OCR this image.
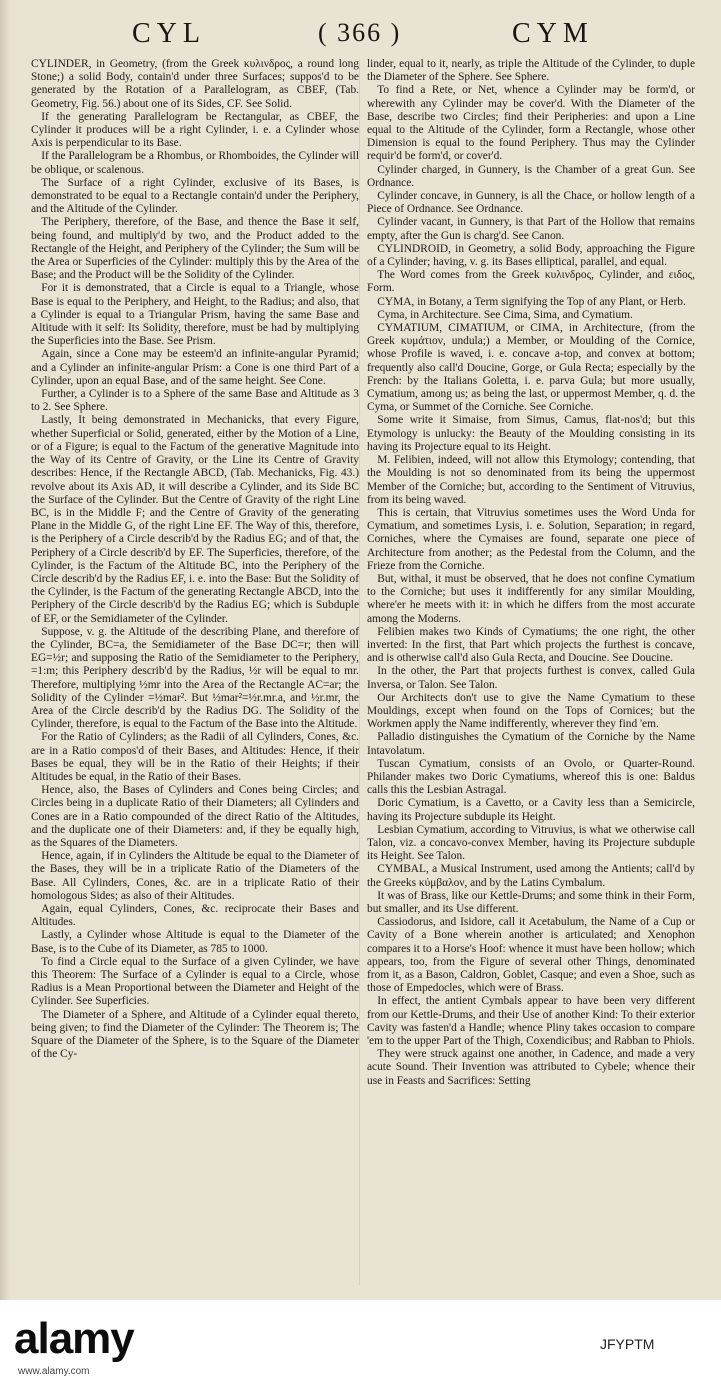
CYL	( 366 )	CYM

CYLINDER, in Geometry, (from the Greek κυλινδρος, a round long Stone;) a solid Body, contain'd under three Surfaces; suppos'd to be generated by the Rotation of a Parallelogram, as CBEF, (Tab. Geometry, Fig. 56.) about one of its Sides, CF. See Solid.

If the generating Parallelogram be Rectangular, as CBEF, the Cylinder it produces will be a right Cylinder, i. e. a Cylinder whose Axis is perpendicular to its Base.

If the Parallelogram be a Rhombus, or Rhomboides, the Cylinder will be oblique, or scalenous.

The Surface of a right Cylinder, exclusive of its Bases, is demonstrated to be equal to a Rectangle contain'd under the Periphery, and the Altitude of the Cylinder.

The Periphery, therefore, of the Base, and thence the Base it self, being found, and multiply'd by two, and the Product added to the Rectangle of the Height, and Periphery of the Cylinder; the Sum will be the Area or Superficies of the Cylinder: multiply this by the Area of the Base; and the Product will be the Solidity of the Cylinder.

For it is demonstrated, that a Circle is equal to a Triangle, whose Base is equal to the Periphery, and Height, to the Radius; and also, that a Cylinder is equal to a Triangular Prism, having the same Base and Altitude with it self: Its Solidity, therefore, must be had by multiplying the Superficies into the Base. See Prism.

Again, since a Cone may be esteem'd an infinite-angular Pyramid; and a Cylinder an infinite-angular Prism: a Cone is one third Part of a Cylinder, upon an equal Base, and of the same height. See Cone.

Further, a Cylinder is to a Sphere of the same Base and Altitude as 3 to 2. See Sphere.

Lastly, It being demonstrated in Mechanicks, that every Figure, whether Superficial or Solid, generated, either by the Motion of a Line, or of a Figure; is equal to the Factum of the generative Magnitude into the Way of its Centre of Gravity, or the Line its Centre of Gravity describes: Hence, if the Rectangle ABCD, (Tab. Mechanicks, Fig. 43.) revolve about its Axis AD, it will describe a Cylinder, and its Side BC the Surface of the Cylinder. But the Centre of Gravity of the right Line BC, is in the Middle F; and the Centre of Gravity of the generating Plane in the Middle G, of the right Line EF. The Way of this, therefore, is the Periphery of a Circle describ'd by the Radius EG; and of that, the Periphery of a Circle describ'd by EF. The Superficies, therefore, of the Cylinder, is the Factum of the Altitude BC, into the Periphery of the Circle describ'd by the Radius EF, i. e. into the Base: But the Solidity of the Cylinder, is the Factum of the generating Rectangle ABCD, into the Periphery of the Circle describ'd by the Radius EG; which is Subduple of EF, or the Semidiameter of the Cylinder.

Suppose, v. g. the Altitude of the describing Plane, and therefore of the Cylinder, BC=a, the Semidiameter of the Base DC=r; then will EG=½r; and supposing the Ratio of the Semidiameter to the Periphery, =1:m; this Periphery describ'd by the Radius, ½r will be equal to mr. Therefore, multiplying ½mr into the Area of the Rectangle AC=ar; the Solidity of the Cylinder =½mar². But ½mar²=½r.mr.a, and ½r.mr, the Area of the Circle describ'd by the Radius DG. The Solidity of the Cylinder, therefore, is equal to the Factum of the Base into the Altitude.

For the Ratio of Cylinders; as the Radii of all Cylinders, Cones, &c. are in a Ratio compos'd of their Bases, and Altitudes: Hence, if their Bases be equal, they will be in the Ratio of their Heights; if their Altitudes be equal, in the Ratio of their Bases.

Hence, also, the Bases of Cylinders and Cones being Circles; and Circles being in a duplicate Ratio of their Diameters; all Cylinders and Cones are in a Ratio compounded of the direct Ratio of the Altitudes, and the duplicate one of their Diameters: and, if they be equally high, as the Squares of the Diameters.

Hence, again, if in Cylinders the Altitude be equal to the Diameter of the Bases, they will be in a triplicate Ratio of the Diameters of the Base. All Cylinders, Cones, &c. are in a triplicate Ratio of their homologous Sides; as also of their Altitudes.

Again, equal Cylinders, Cones, &c. reciprocate their Bases and Altitudes.

Lastly, a Cylinder whose Altitude is equal to the Diameter of the Base, is to the Cube of its Diameter, as 785 to 1000.

To find a Circle equal to the Surface of a given Cylinder, we have this Theorem: The Surface of a Cylinder is equal to a Circle, whose Radius is a Mean Proportional between the Diameter and Height of the Cylinder. See Superficies.

The Diameter of a Sphere, and Altitude of a Cylinder equal thereto, being given; to find the Diameter of the Cylinder: The Theorem is; The Square of the Diameter of the Sphere, is to the Square of the Diameter of the Cy-

linder, equal to it, nearly, as triple the Altitude of the Cylinder, to duple the Diameter of the Sphere. See Sphere.

To find a Rete, or Net, whence a Cylinder may be form'd, or wherewith any Cylinder may be cover'd. With the Diameter of the Base, describe two Circles; find their Peripheries: and upon a Line equal to the Altitude of the Cylinder, form a Rectangle, whose other Dimension is equal to the found Periphery. Thus may the Cylinder requir'd be form'd, or cover'd.

Cylinder charged, in Gunnery, is the Chamber of a great Gun. See Ordnance.

Cylinder concave, in Gunnery, is all the Chace, or hollow length of a Piece of Ordnance. See Ordnance.

Cylinder vacant, in Gunnery, is that Part of the Hollow that remains empty, after the Gun is charg'd. See Canon.

CYLINDROID, in Geometry, a solid Body, approaching the Figure of a Cylinder; having, v. g. its Bases elliptical, parallel, and equal.

The Word comes from the Greek κυλινδρος, Cylinder, and ειδος, Form.

CYMA, in Botany, a Term signifying the Top of any Plant, or Herb.

Cyma, in Architecture. See Cima, Sima, and Cymatium.

CYMATIUM, CIMATIUM, or CIMA, in Architecture, (from the Greek κυμάτιον, undula;) a Member, or Moulding of the Cornice, whose Profile is waved, i. e. concave a-top, and convex at bottom; frequently also call'd Doucine, Gorge, or Gula Recta; especially by the French: by the Italians Goletta, i. e. parva Gula; but more usually, Cymatium, among us; as being the last, or uppermost Member, q. d. the Cyma, or Summet of the Corniche. See Corniche.

Some write it Simaise, from Simus, Camus, flat-nos'd; but this Etymology is unlucky: the Beauty of the Moulding consisting in its having its Projecture equal to its Height.

M. Felibien, indeed, will not allow this Etymology; contending, that the Moulding is not so denominated from its being the uppermost Member of the Corniche; but, according to the Sentiment of Vitruvius, from its being waved.

This is certain, that Vitruvius sometimes uses the Word Unda for Cymatium, and sometimes Lysis, i. e. Solution, Separation; in regard, Corniches, where the Cymaises are found, separate one piece of Architecture from another; as the Pedestal from the Column, and the Frieze from the Corniche.

But, withal, it must be observed, that he does not confine Cymatium to the Corniche; but uses it indifferently for any similar Moulding, where'er he meets with it: in which he differs from the most accurate among the Moderns.

Felibien makes two Kinds of Cymatiums; the one right, the other inverted: In the first, that Part which projects the furthest is concave, and is otherwise call'd also Gula Recta, and Doucine. See Doucine.

In the other, the Part that projects furthest is convex, called Gula Inversa, or Talon. See Talon.

Our Architects don't use to give the Name Cymatium to these Mouldings, except when found on the Tops of Cornices; but the Workmen apply the Name indifferently, wherever they find 'em.

Palladio distinguishes the Cymatium of the Corniche by the Name Intavolatum.

Tuscan Cymatium, consists of an Ovolo, or Quarter-Round. Philander makes two Doric Cymatiums, whereof this is one: Baldus calls this the Lesbian Astragal.

Doric Cymatium, is a Cavetto, or a Cavity less than a Semicircle, having its Projecture subduple its Height.

Lesbian Cymatium, according to Vitruvius, is what we otherwise call Talon, viz. a concavo-convex Member, having its Projecture subduple its Height. See Talon.

CYMBAL, a Musical Instrument, used among the Antients; call'd by the Greeks κύμβαλον, and by the Latins Cymbalum.

It was of Brass, like our Kettle-Drums; and some think in their Form, but smaller, and its Use different.

Cassiodorus, and Isidore, call it Acetabulum, the Name of a Cup or Cavity of a Bone wherein another is articulated; and Xenophon compares it to a Horse's Hoof: whence it must have been hollow; which appears, too, from the Figure of several other Things, denominated from it, as a Bason, Caldron, Goblet, Casque; and even a Shoe, such as those of Empedocles, which were of Brass.

In effect, the antient Cymbals appear to have been very different from our Kettle-Drums, and their Use of another Kind: To their exterior Cavity was fasten'd a Handle; whence Pliny takes occasion to compare 'em to the upper Part of the Thigh, Coxendicibus; and Rabban to Phiols.

They were struck against one another, in Cadence, and made a very acute Sound. Their Invention was attributed to Cybele; whence their use in Feasts and Sacrifices: Setting

alamy	JFYPTM
www.alamy.com
